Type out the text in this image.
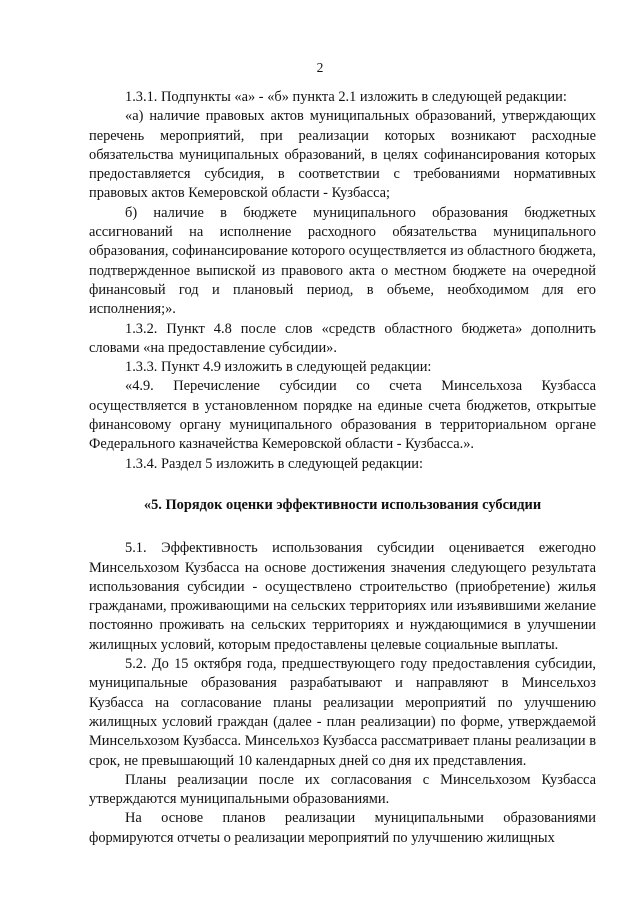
2

1.3.1. Подпункты «а» - «б» пункта 2.1 изложить в следующей редакции:

«а) наличие правовых актов муниципальных образований, утверждающих перечень мероприятий, при реализации которых возникают расходные обязательства муниципальных образований, в целях софинансирования которых предоставляется субсидия, в соответствии с требованиями нормативных правовых актов Кемеровской области - Кузбасса;

б) наличие в бюджете муниципального образования бюджетных ассигнований на исполнение расходного обязательства муниципального образования, софинансирование которого осуществляется из областного бюджета, подтвержденное выпиской из правового акта о местном бюджете на очередной финансовый год и плановый период, в объеме, необходимом для его исполнения;».

1.3.2. Пункт 4.8 после слов «средств областного бюджета» дополнить словами «на предоставление субсидии».

1.3.3. Пункт 4.9 изложить в следующей редакции:

«4.9. Перечисление субсидии со счета Минсельхоза Кузбасса осуществляется в установленном порядке на единые счета бюджетов, открытые финансовому органу муниципального образования в территориальном органе Федерального казначейства Кемеровской области - Кузбасса.».

1.3.4. Раздел 5 изложить в следующей редакции:

«5. Порядок оценки эффективности использования субсидии

5.1. Эффективность использования субсидии оценивается ежегодно Минсельхозом Кузбасса на основе достижения значения следующего результата использования субсидии - осуществлено строительство (приобретение) жилья гражданами, проживающими на сельских территориях или изъявившими желание постоянно проживать на сельских территориях и нуждающимися в улучшении жилищных условий, которым предоставлены целевые социальные выплаты.

5.2. До 15 октября года, предшествующего году предоставления субсидии, муниципальные образования разрабатывают и направляют в Минсельхоз Кузбасса на согласование планы реализации мероприятий по улучшению жилищных условий граждан (далее - план реализации) по форме, утверждаемой Минсельхозом Кузбасса. Минсельхоз Кузбасса рассматривает планы реализации в срок, не превышающий 10 календарных дней со дня их представления.

Планы реализации после их согласования с Минсельхозом Кузбасса утверждаются муниципальными образованиями.

На основе планов реализации муниципальными образованиями формируются отчеты о реализации мероприятий по улучшению жилищных
